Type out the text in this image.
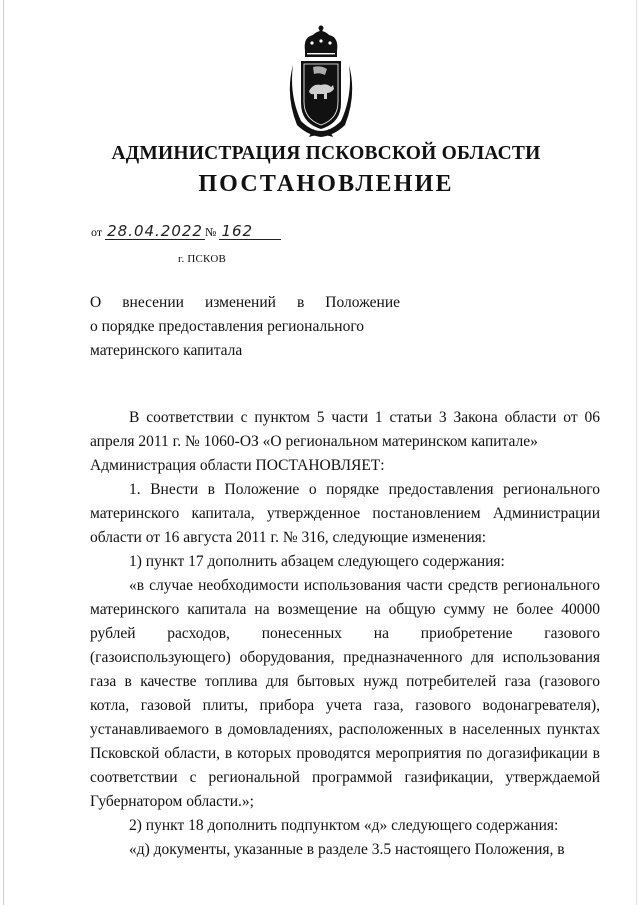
АДМИНИСТРАЦИЯ ПСКОВСКОЙ ОБЛАСТИ
ПОСТАНОВЛЕНИЕ
от 28.04.2022 № 162
г. ПСКОВ
О внесении изменений в Положение
о порядке предоставления регионального
материнского капитала

В соответствии с пунктом 5 части 1 статьи 3 Закона области от 06 апреля 2011 г. № 1060-ОЗ «О региональном материнском капитале»

Администрация области ПОСТАНОВЛЯЕТ:

1. Внести в Положение о порядке предоставления регионального материнского капитала, утвержденное постановлением Администрации области от 16 августа 2011 г. № 316, следующие изменения:

1) пункт 17 дополнить абзацем следующего содержания:

«в случае необходимости использования части средств регионального материнского капитала на возмещение на общую сумму не более 40000 рублей расходов, понесенных на приобретение газового (газоиспользующего) оборудования, предназначенного для использования газа в качестве топлива для бытовых нужд потребителей газа (газового котла, газовой плиты, прибора учета газа, газового водонагревателя), устанавливаемого в домовладениях, расположенных в населенных пунктах Псковской области, в которых проводятся мероприятия по догазификации в соответствии с региональной программой газификации, утверждаемой Губернатором области.»;

2) пункт 18 дополнить подпунктом «д» следующего содержания:

«д) документы, указанные в разделе 3.5 настоящего Положения, в
